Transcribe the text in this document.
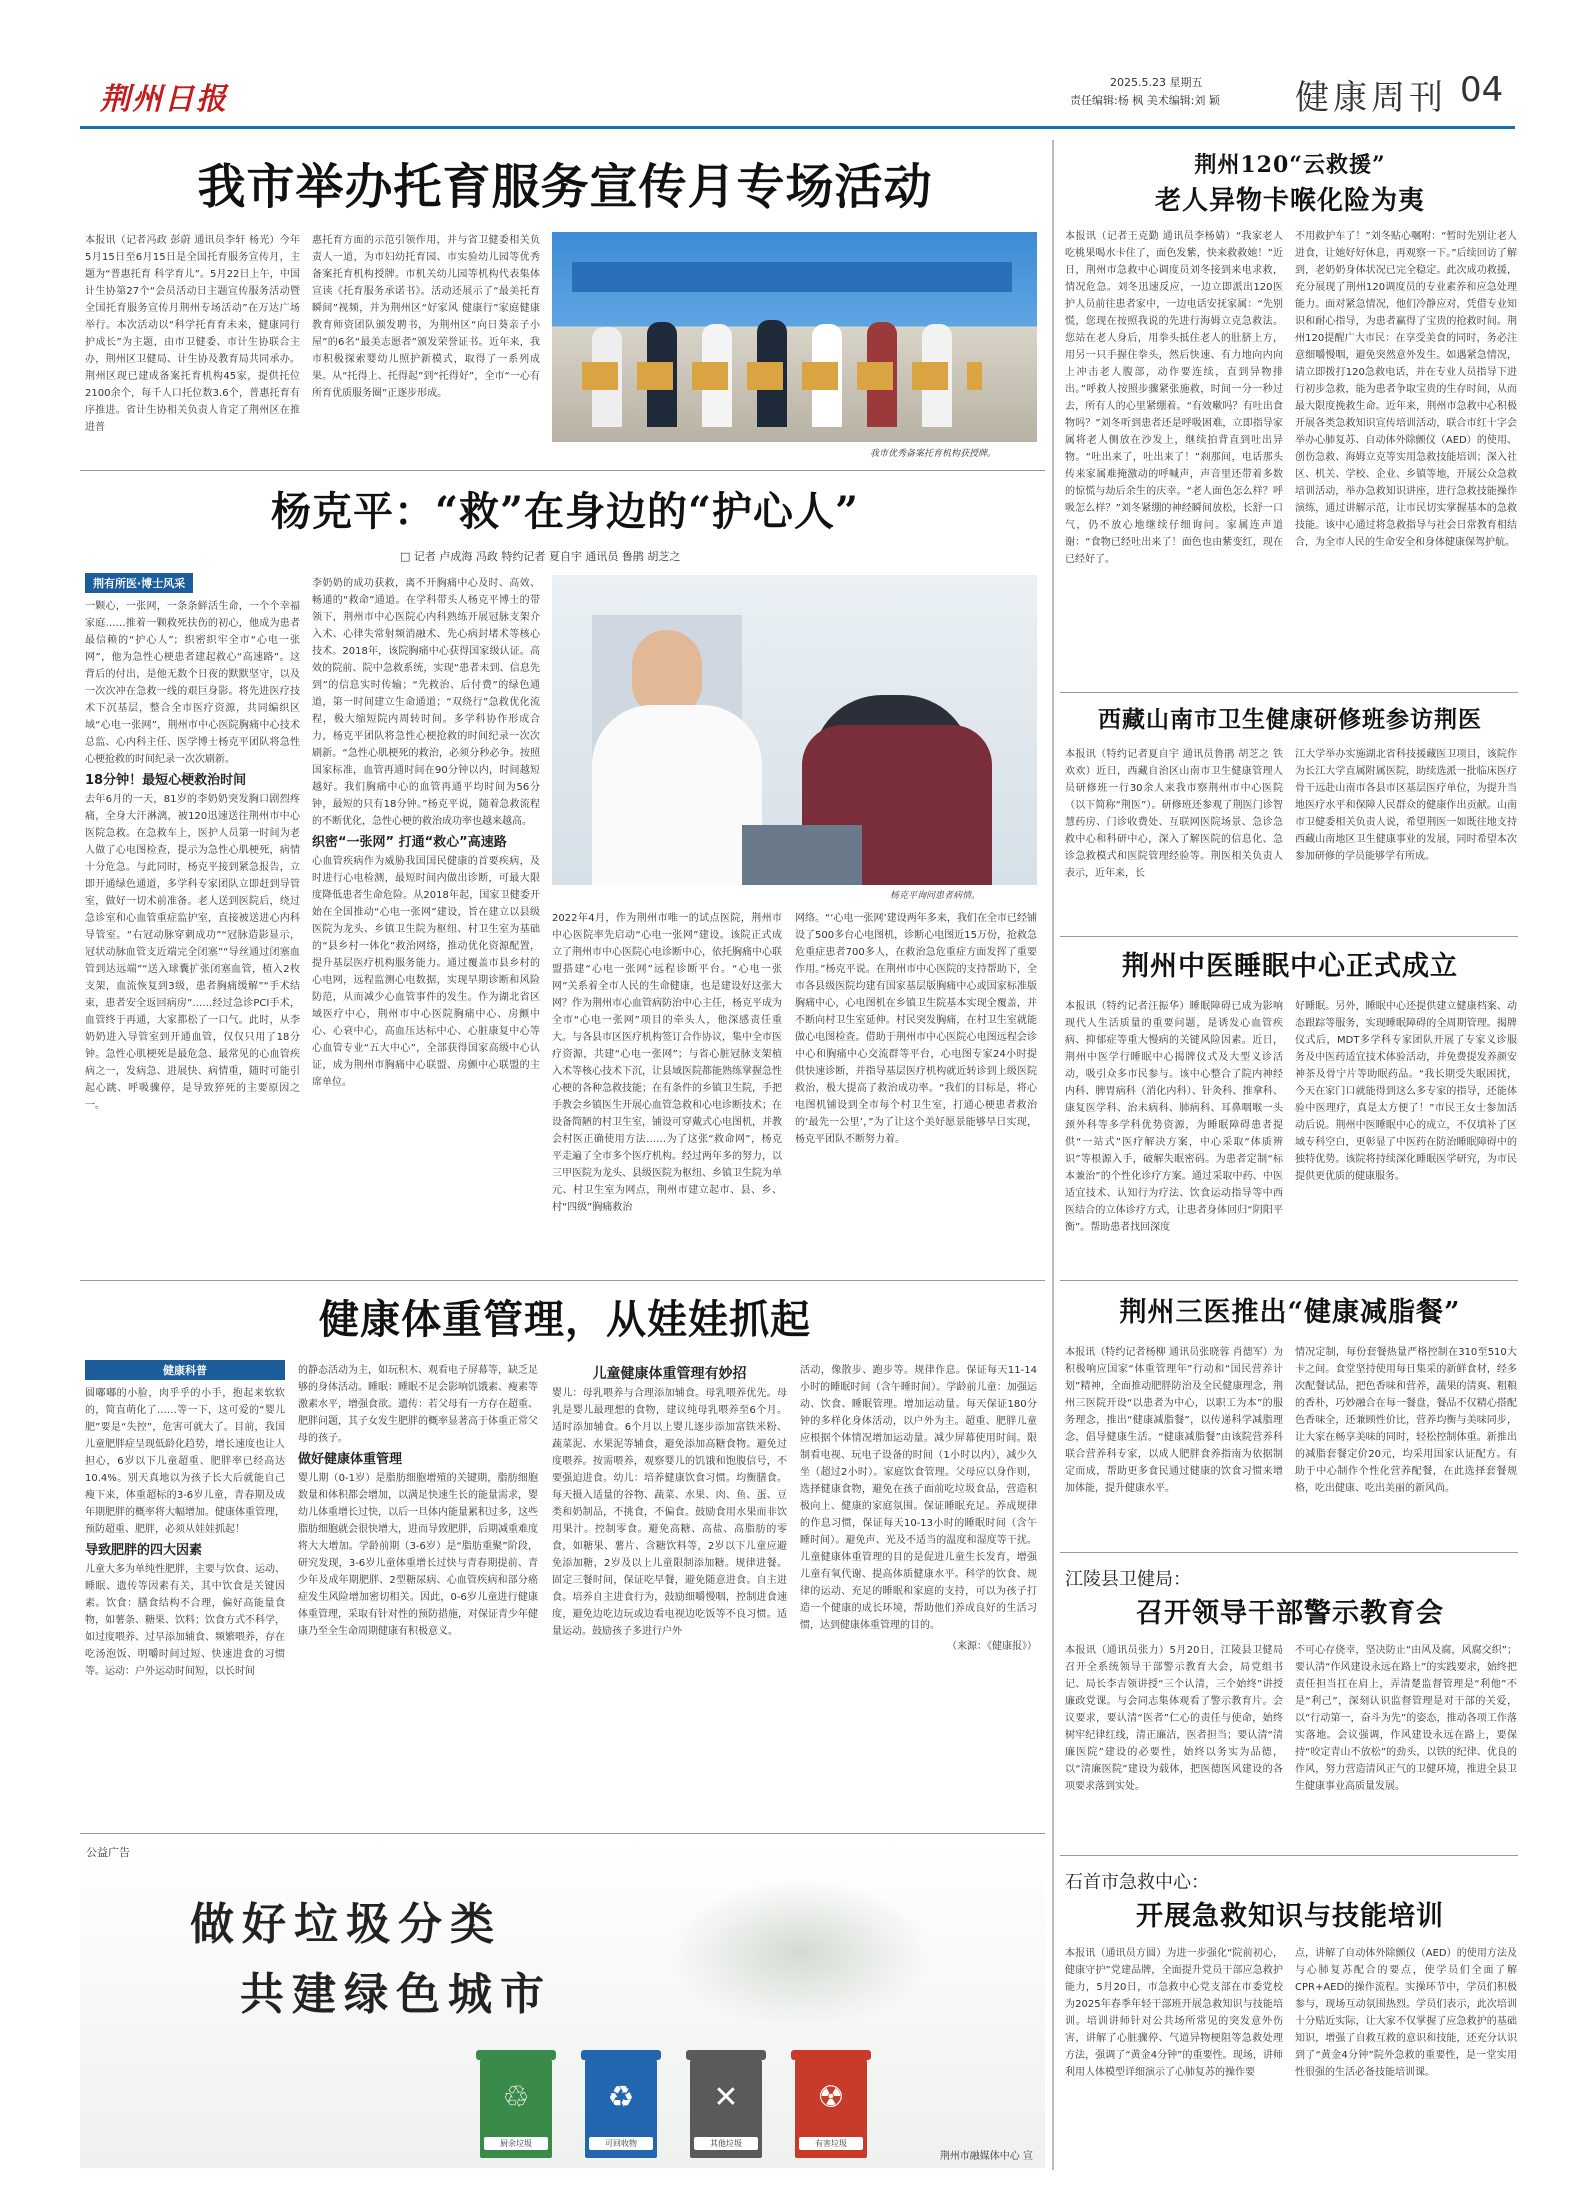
荆州日报	2025.5.23 星期五
责任编辑:杨 枫 美术编辑:刘 颖 健康周刊 04
我市举办托育服务宣传月专场活动
本报讯（记者冯政 彭蔚 通讯员李轩 杨光）今年5月15日至6月15日是全国托育服务宣传月，主题为“普惠托育 科学育儿”。5月22日上午，中国计生协第27个“会员活动日主题宣传服务活动暨全国托育服务宣传月荆州专场活动”在万达广场举行。本次活动以“科学托育育未来，健康同行护成长”为主题，由市卫健委、市计生协联合主办，荆州区卫健局、计生协及教育局共同承办。荆州区现已建成备案托育机构45家，提供托位2100余个，每千人口托位数3.6个，普惠托育有序推进。省计生协相关负责人肯定了荆州区在推进普
惠托育方面的示范引领作用，并与省卫健委相关负责人一道，为市妇幼托育园、市实验幼儿园等优秀备案托育机构授牌。市机关幼儿园等机构代表集体宣读《托育服务承诺书》。活动还展示了“最美托育瞬间”视频，并为荆州区“好家风 健康行”家庭健康教育师资团队颁发聘书，为荆州区“向日葵亲子小屋”的6名“最美志愿者”颁发荣誉证书。近年来，我市积极探索婴幼儿照护新模式，取得了一系列成果。从“托得上、托得起”到“托得好”，全市“一心有所育优质服务圈”正逐步形成。
我市优秀备案托育机构获授牌。
杨克平：“救”在身边的“护心人”
□ 记者 卢成海 冯政 特约记者 夏自宇 通讯员 鲁鹃 胡芝之
荆有所医·博士风采
一颗心，一张网，一条条鲜活生命，一个个幸福家庭……推着一颗救死扶伤的初心，他成为患者最信赖的“护心人”；织密织牢全市“心电一张网”，他为急性心梗患者建起救心“高速路”。这背后的付出，是他无数个日夜的默默坚守，以及一次次冲在急救一线的艰巨身影。将先进医疗技术下沉基层，整合全市医疗资源，共同编织区域“心电一张网”，荆州市中心医院胸痛中心技术总监、心内科主任、医学博士杨克平团队将急性心梗抢救的时间纪录一次次刷新。
18分钟！最短心梗救治时间
去年6月的一天，81岁的李奶奶突发胸口剧烈疼痛，全身大汗淋漓，被120迅速送往荆州市中心医院急救。在急救车上，医护人员第一时间为老人做了心电图检查，提示为急性心肌梗死，病情十分危急。与此同时，杨克平接到紧急报告，立即开通绿色通道，多学科专家团队立即赶到导管室，做好一切术前准备。老人送到医院后，绕过急诊室和心血管重症监护室，直接被送进心内科导管室。“右冠动脉穿刺成功”“冠脉造影显示，冠状动脉血管支近端完全闭塞”“导丝通过闭塞血管到达远端”“送入球囊扩张闭塞血管，植入2枚支架，血流恢复到3级，患者胸痛缓解”“手术结束，患者安全返回病房”……经过急诊PCI手术，血管终于再通，大家都松了一口气。此时，从李奶奶进入导管室到开通血管，仅仅只用了18分钟。急性心肌梗死是最危急、最常见的心血管疾病之一，发病急、进展快、病情重，随时可能引起心跳、呼吸骤停，是导致猝死的主要原因之一。
李奶奶的成功获救，离不开胸痛中心及时、高效、畅通的“救命”通道。在学科带头人杨克平博士的带领下，荆州市中心医院心内科熟练开展冠脉支架介入术、心律失常射频消融术、先心病封堵术等核心技术。2018年，该院胸痛中心获得国家级认证。高效的院前、院中急救系统，实现“患者未到、信息先到”的信息实时传输；“先救治、后付费”的绿色通道，第一时间建立生命通道；“双绕行”急救优化流程，极大缩短院内周转时间。多学科协作形成合力，杨克平团队将急性心梗抢救的时间纪录一次次刷新。“急性心肌梗死的救治，必须分秒必争。按照国家标准，血管再通时间在90分钟以内，时间越短越好。我们胸痛中心的血管再通平均时间为56分钟，最短的只有18分钟。”杨克平说，随着急救流程的不断优化，急性心梗的救治成功率也越来越高。
织密“一张网” 打通“救心”高速路
心血管疾病作为威胁我国国民健康的首要疾病，及时进行心电检测，最短时间内做出诊断，可最大限度降低患者生命危险。从2018年起，国家卫健委开始在全国推动“心电一张网”建设，旨在建立以县级医院为龙头、乡镇卫生院为枢纽、村卫生室为基础的“县乡村一体化”救治网络，推动优化资源配置，提升基层医疗机构服务能力。通过覆盖市县乡村的心电网，远程监测心电数据，实现早期诊断和风险防范，从而减少心血管事件的发生。作为湖北省区域医疗中心，荆州市中心医院胸痛中心、房颤中心、心衰中心，高血压达标中心、心脏康复中心等心血管专业“五大中心”，全部获得国家高级中心认证，成为荆州市胸痛中心联盟、房颤中心联盟的主席单位。
杨克平询问患者病情。
2022年4月，作为荆州市唯一的试点医院，荆州市中心医院率先启动“心电一张网”建设。该院正式成立了荆州市中心医院心电诊断中心，依托胸痛中心联盟搭建“心电一张网”远程诊断平台。“心电一张网”关系着全市人民的生命健康，也是建设好这张大网？作为荆州市心血管病防治中心主任，杨克平成为全市“心电一张网”项目的牵头人，他深感责任重大。与各县市区医疗机构签订合作协议，集中全市医疗资源，共建“心电一张网”；与省心脏冠脉支架植入术等核心技术下沉，让县域医院都能熟练掌握急性心梗的各种急救技能；在有条件的乡镇卫生院，手把手教会乡镇医生开展心血管急救和心电诊断技术；在设备简陋的村卫生室，铺设可穿戴式心电图机，并教会村医正确使用方法……为了这张“救命网”，杨克平走遍了全市多个医疗机构。经过两年多的努力，以三甲医院为龙头、县级医院为枢纽、乡镇卫生院为单元、村卫生室为网点，荆州市建立起市、县、乡、村“四级”胸痛救治
网络。“‘心电一张网’建设两年多来，我们在全市已经铺设了500多台心电图机，诊断心电图近15万份，抢救急危重症患者700多人，在救治急危重症方面发挥了重要作用。”杨克平说。在荆州市中心医院的支持帮助下，全市各县级医院均建有国家基层版胸痛中心或国家标准版胸痛中心，心电图机在乡镇卫生院基本实现全覆盖，并不断向村卫生室延伸。村民突发胸痛，在村卫生室就能做心电图检查。借助于荆州市中心医院心电图远程会诊中心和胸痛中心交流群等平台，心电图专家24小时提供快速诊断，并指导基层医疗机构就近转诊到上级医院救治，极大提高了救治成功率。“我们的目标是，将心电图机铺设到全市每个村卫生室，打通心梗患者救治的‘最先一公里’，”为了让这个美好愿景能够早日实现，杨克平团队不断努力着。
健康体重管理，从娃娃抓起
健康科普
圆嘟嘟的小脸，肉乎乎的小手，抱起来软软的，简直萌化了……等一下，这可爱的“婴儿肥”要是“失控”，危害可就大了。目前，我国儿童肥胖症呈现低龄化趋势，增长速度也让人担心，6岁以下儿童超重、肥胖率已经高达10.4%。别天真地以为孩子长大后就能自己瘦下来，体重超标的3-6岁儿童，青春期及成年期肥胖的概率将大幅增加。健康体重管理，预防超重、肥胖，必须从娃娃抓起！
导致肥胖的四大因素
儿童大多为单纯性肥胖，主要与饮食、运动、睡眠、遗传等因素有关，其中饮食是关键因素。饮食：膳食结构不合理，偏好高能量食物，如薯条、糖果、饮料；饮食方式不科学，如过度喂养、过早添加辅食、频繁喂养，存在吃汤泡饭、明嚼时间过短、快速进食的习惯等。运动：户外运动时间短，以长时间
的静态活动为主，如玩积木、观看电子屏幕等，缺乏足够的身体活动。睡眠：睡眠不足会影响饥饿素、瘦素等激素水平，增强食欲。遗传：若父母有一方存在超重、肥胖问题，其子女发生肥胖的概率显著高于体重正常父母的孩子。
做好健康体重管理
婴儿期（0-1岁）是脂肪细胞增殖的关键期，脂肪细胞数量和体积都会增加，以满足快速生长的能量需求，婴幼儿体重增长过快，以后一旦体内能量累积过多，这些脂肪细胞就会很快增大，进而导致肥胖，后期减重难度将大大增加。学龄前期（3-6岁）是“脂肪重聚”阶段，研究发现，3-6岁儿童体重增长过快与青春期提前、青少年及成年期肥胖、2型糖尿病、心血管疾病和部分癌症发生风险增加密切相关。因此，0-6岁儿童进行健康体重管理，采取有针对性的预防措施，对保证青少年健康乃至全生命周期健康有积极意义。
儿童健康体重管理有妙招
婴儿：母乳喂养与合理添加辅食。母乳喂养优先。母乳是婴儿最理想的食物，建议纯母乳喂养至6个月。适时添加辅食。6个月以上婴儿逐步添加富铁米粉、蔬菜泥、水果泥等辅食，避免添加高糖食物。避免过度喂养。按需喂养，观察婴儿的饥饿和饱腹信号，不要强迫进食。幼儿：培养健康饮食习惯。均衡膳食。每天摄入适量的谷物、蔬菜、水果、肉、鱼、蛋、豆类和奶制品，不挑食，不偏食。鼓励食用水果而非饮用果汁。控制零食。避免高糖、高盐、高脂肪的零食，如糖果、薯片、含糖饮料等，2岁以下儿童应避免添加糖，2岁及以上儿童限制添加糖。规律进餐。固定三餐时间，保证吃早餐，避免随意进食。自主进食。培养自主进食行为，鼓励细嚼慢咽，控制进食速度，避免边吃边玩或边看电视边吃饭等不良习惯。适量运动。鼓励孩子多进行户外
活动，像散步、跑步等。规律作息。保证每天11-14小时的睡眠时间（含午睡时间）。学龄前儿童：加强运动、饮食、睡眠管理。增加运动量。每天保证180分钟的多样化身体活动，以户外为主。超重、肥胖儿童应根据个体情况增加运动量。减少屏幕使用时间。限制看电视、玩电子设备的时间（1小时以内），减少久坐（超过2小时）。家庭饮食管理。父母应以身作则，选择健康食物，避免在孩子面前吃垃圾食品，营造积极向上、健康的家庭氛围。保证睡眠充足。养成规律的作息习惯，保证每天10-13小时的睡眠时间（含午睡时间）。避免声、光及不适当的温度和湿度等干扰。儿童健康体重管理的目的是促进儿童生长发育，增强儿童有氧代谢、提高体质健康水平。科学的饮食、规律的运动、充足的睡眠和家庭的支持，可以为孩子打造一个健康的成长环境，帮助他们养成良好的生活习惯，达到健康体重管理的目的。
（来源：《健康报》）
公益广告
做好垃圾分类
共建绿色城市
♲
厨余垃圾
♻
可回收物
✕
其他垃圾
☢
有害垃圾
荆州市融媒体中心 宣
荆州120“云救援”
老人异物卡喉化险为夷
本报讯（记者王克勤 通讯员李杨婧）“我家老人吃桃果喝水卡住了，面色发紫，快来救救她！”近日，荆州市急救中心调度员刘冬接到来电求救，情况危急。刘冬迅速反应，一边立即派出120医护人员前往患者家中，一边电话安抚家属：“先别慌，您现在按照我说的先进行海姆立克急救法。您站在老人身后，用拳头抵住老人的肚脐上方，用另一只手握住拳头，然后快速、有力地向内向上冲击老人腹部，动作要连续，直到异物排出。”呼救人按照步骤紧张施救，时间一分一秒过去，所有人的心里紧绷着。“有效嗽吗？有吐出食物吗？”刘冬听到患者还是呼吸困难，立即指导家属将老人侧放在沙发上，继续拍背直到吐出异物。“吐出来了，吐出来了！”刹那间，电话那头传来家属难掩激动的呼喊声，声音里还带着多数的惊慌与劫后余生的庆幸。“老人面色怎么样？呼吸怎么样？”刘冬紧绷的神经瞬间放松，长舒一口气，仍不放心地继续仔细询问。家属连声道谢：“食物已经吐出来了！面色也由紫变红，现在已经好了。
不用救护车了！”刘冬贴心嘱咐：“暂时先别让老人进食，让她好好休息，再观察一下。”后续回访了解到，老奶奶身体状况已完全稳定。此次成功救援，充分展现了荆州120调度员的专业素养和应急处理能力。面对紧急情况，他们冷静应对，凭借专业知识和耐心指导，为患者赢得了宝贵的抢救时间。荆州120提醒广大市民：在享受美食的同时，务必注意细嚼慢咽，避免突然意外发生。如遇紧急情况，请立即拨打120急救电话，并在专业人员指导下进行初步急救，能为患者争取宝贵的生存时间，从而最大限度挽救生命。近年来，荆州市急救中心积极开展各类急救知识宣传培训活动，联合市红十字会举办心肺复苏、自动体外除颤仪（AED）的使用、创伤急救、海姆立克等实用急救技能培训；深入社区、机关、学校、企业、乡镇等地，开展公众急救培训活动，举办急救知识讲座，进行急救技能操作演练，通过讲解示范，让市民切实掌握基本的急救技能。该中心通过将急救指导与社会日常教育相结合，为全市人民的生命安全和身体健康保驾护航。
西藏山南市卫生健康研修班参访荆医
本报讯（特约记者夏自宇 通讯员鲁鹃 胡芝之 铁欢欢）近日，西藏自治区山南市卫生健康管理人员研修班一行30余人来我市察荆州市中心医院（以下简称“荆医”）。研修班还参观了荆医门诊智慧药房、门诊收费处、互联网医院场景、急诊急救中心和科研中心，深入了解医院的信息化、急诊急救模式和医院管理经验等。荆医相关负责人表示，近年来，长
江大学举办实施湖北省科技援藏医卫项目，该院作为长江大学直属附属医院，助续选派一批临床医疗骨干远赴山南市各县市区基层医疗单位，为提升当地医疗水平和保障人民群众的健康作出贡献。山南市卫健委相关负责人说，希望荆医一如既往地支持西藏山南地区卫生健康事业的发展，同时希望本次参加研修的学员能够学有所成。
荆州中医睡眠中心正式成立
本报讯（特约记者汪振华）睡眠障碍已成为影响现代人生活质量的重要问题，是诱发心血管疾病、抑郁症等重大慢病的关键风险因素。近日，荆州中医学行睡眠中心揭牌仪式及大型义诊活动，吸引众多市民参与。该中心整合了院内神经内科、脾胃病科（消化内科）、针灸科、推拿科、康复医学科、治未病科、肺病科、耳鼻咽喉一头颈外科等多学科优势资源，为睡眠障碍患者提供“一站式”医疗解决方案，中心采取“体质辨识”等根源入手，破解失眠密码。为患者定制“标本兼治”的个性化诊疗方案。通过采取中药、中医适宜技术、认知行为疗法、饮食运动指导等中西医结合的立体诊疗方式，让患者身体回归“阴阳平衡”。帮助患者找回深度
好睡眠。另外，睡眠中心还提供建立健康档案、动态跟踪等服务，实现睡眠障碍的全周期管理。揭牌仪式后，MDT多学科专家团队开展了专家义诊服务及中医药适宜技术体验活动，并免费提发养颜安神茶及骨宁片等助眠药品。“我长期受失眠困扰，今天在家门口就能得到这么多专家的指导，还能体验中医理疗，真是太方便了！”市民王女士参加活动后说。荆州中医睡眠中心的成立，不仅填补了区域专科空白，更彰显了中医药在防治睡眠障碍中的独特优势。该院将持续深化睡眠医学研究，为市民提供更优质的健康服务。
荆州三医推出“健康减脂餐”
本报讯（特约记者杨柳 通讯员张晓蓉 肖德军）为积极响应国家“体重管理年”行动和“国民营养计划”精神，全面推动肥胖防治及全民健康理念，荆州三医院开设“以患者为中心，以职工为本”的服务理念，推出“健康减脂餐”，以传递科学减脂理念，倡导健康生活。“健康减脂餐”由该院营养科联合营养科专家，以成人肥胖食养指南为依据制定而成，帮助更多食民通过健康的饮食习惯来增加体能，提升健康水平。
情况定制，每份套餐热量严格控制在310至510大卡之间。食堂坚持使用每日集采的新鲜食材，经多次配餐试品，把色香味和营养，蔬果的清爽、粗粮的香朴，巧妙融合在每一餐盘，餐品不仅精心搭配色香味全，还兼顾性价比，营养均衡与美味同步，让大家在畅享美味的同时，轻松控制体重。新推出的减脂套餐定价20元，均采用国家认证配方。有助于中心制作个性化营养配餐，在此选择套餐规格，吃出健康、吃出美丽的新风尚。
江陵县卫健局：
召开领导干部警示教育会
本报讯（通讯员张力）5月20日，江陵县卫健局召开全系统领导干部警示教育大会，局党组书记、局长李吉领讲授“三个认清，三个始终”讲授廉政党课。与会同志集体观看了警示教育片。会议要求，要认清“医者”仁心的责任与使命，始终树牢纪律红线，清正廉洁，医者担当；要认清“清廉医院”建设的必要性，始终以务实为品德，以“清廉医院”建设为载体，把医德医风建设的各项要求落到实处。
不可心存侥幸，坚决防止“由风及腐，风腐交织”；要认清“作风建设永远在路上”的实践要求，始终把责任担当扛在肩上，弄清楚监督管理是“利他”不是“利己”，深刻认识监督管理是对干部的关爱，以“行动第一，奋斗为先”的姿态，推动各项工作落实落地。会议强调，作风建设永远在路上，要保持“咬定青山不放松”的劲头，以铁的纪律、优良的作风，努力营造清风正气的卫健环境，推进全县卫生健康事业高质量发展。
石首市急救中心：
开展急救知识与技能培训
本报讯（通讯员方圆）为进一步强化“院前初心，健康守护”党建品牌，全面提升党员干部应急救护能力，5月20日，市急救中心党支部在市委党校为2025年春季年轻干部班开展急救知识与技能培训。培训讲师针对公共场所常见的突发意外伤害，讲解了心脏骤停、气道异物梗阻等急救处理方法，强调了“黄金4分钟”的重要性。现场，讲师利用人体模型详细演示了心肺复苏的操作要
点，讲解了自动体外除颤仪（AED）的使用方法及与心肺复苏配合的要点，使学员们全面了解CPR+AED的操作流程。实操环节中，学员们积极参与，现场互动氛围热烈。学员们表示，此次培训十分贴近实际，让大家不仅掌握了应急救护的基础知识，增强了自救互救的意识和技能，还充分认识到了“黄金4分钟”院外急救的重要性，是一堂实用性很强的生活必备技能培训课。
